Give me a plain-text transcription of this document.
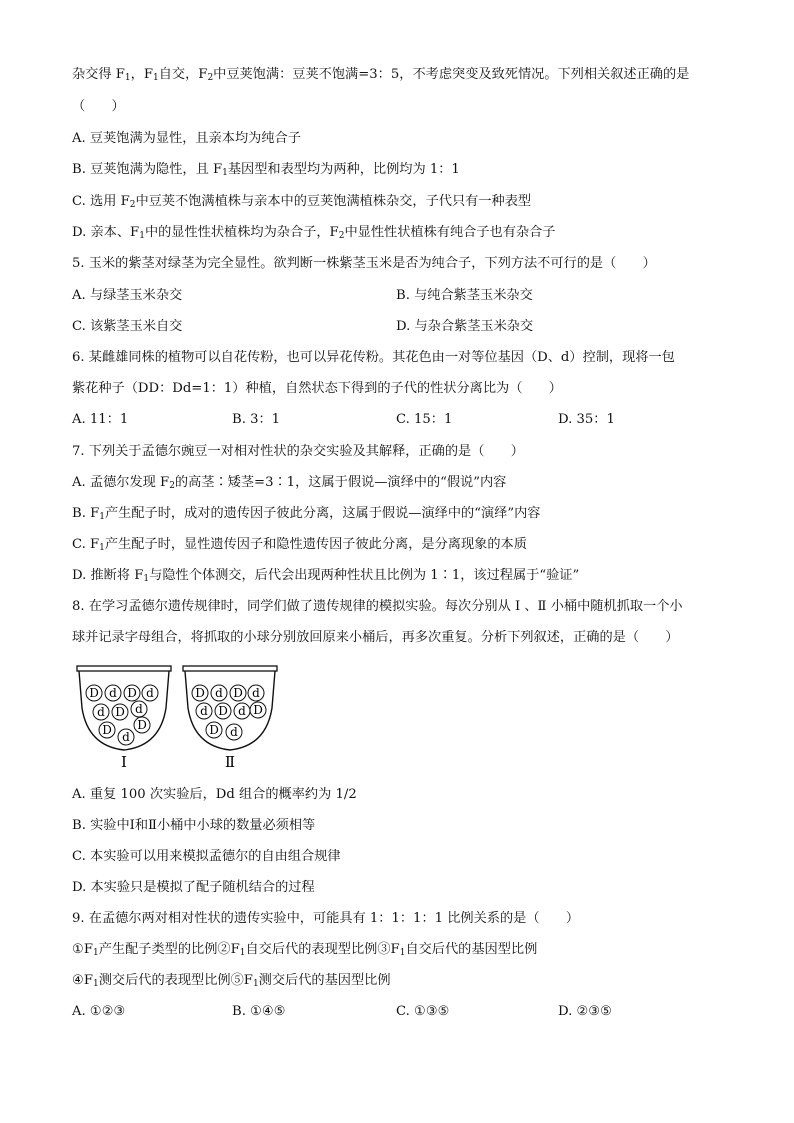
杂交得 $F_1$，$F_1$自交，$F_2$中豆荚饱满：豆荚不饱满=3：5，不考虑突变及致死情况。下列相关叙述正确的是
（　　）
A. 豆荚饱满为显性，且亲本均为纯合子
B. 豆荚饱满为隐性，且 $F_1$基因型和表型均为两种，比例均为 1：1
C. 选用 $F_2$中豆荚不饱满植株与亲本中的豆荚饱满植株杂交，子代只有一种表型
D. 亲本、$F_1$中的显性性状植株均为杂合子，$F_2$中显性性状植株有纯合子也有杂合子
5. 玉米的紫茎对绿茎为完全显性。欲判断一株紫茎玉米是否为纯合子，下列方法不可行的是（　　）
A. 与绿茎玉米杂交	B. 与纯合紫茎玉米杂交
C. 该紫茎玉米自交	D. 与杂合紫茎玉米杂交
6. 某雌雄同株的植物可以自花传粉，也可以异花传粉。其花色由一对等位基因（D、d）控制，现将一包
紫花种子（DD：Dd=1：1）种植，自然状态下得到的子代的性状分离比为（　　）
A. 11：1	B. 3：1	C. 15：1	D. 35：1
7. 下列关于孟德尔豌豆一对相对性状的杂交实验及其解释，正确的是（　　）
A. 孟德尔发现 $F_2$的高茎∶矮茎=3∶1，这属于假说—演绎中的“假说”内容
B. $F_1$产生配子时，成对的遗传因子彼此分离，这属于假说—演绎中的“演绎”内容
C. $F_1$产生配子时，显性遗传因子和隐性遗传因子彼此分离，是分离现象的本质
D. 推断将 $F_1$与隐性个体测交，后代会出现两种性状且比例为 1∶1，该过程属于“验证”
8. 在学习孟德尔遗传规律时，同学们做了遗传规律的模拟实验。每次分别从 Ⅰ 、Ⅱ 小桶中随机抓取一个小
球并记录字母组合，将抓取的小球分别放回原来小桶后，再多次重复。分析下列叙述，正确的是（　　）
D d D d
d D d
D D
d
Ⅰ
D d D d
d D d D
D d
Ⅱ
A. 重复 100 次实验后，Dd 组合的概率约为 1/2
B. 实验中Ⅰ和Ⅱ小桶中小球的数量必须相等
C. 本实验可以用来模拟孟德尔的自由组合规律
D. 本实验只是模拟了配子随机结合的过程
9. 在孟德尔两对相对性状的遗传实验中，可能具有 1：1：1：1 比例关系的是（　　）
$①F_1$产生配子类型的比例$②F_1$自交后代的表现型比例$③F_1$自交后代的基因型比例
$④F_1$测交后代的表现型比例$⑤F_1$测交后代的基因型比例
A. ①②③	B. ①④⑤	C. ①③⑤	D. ②③⑤
